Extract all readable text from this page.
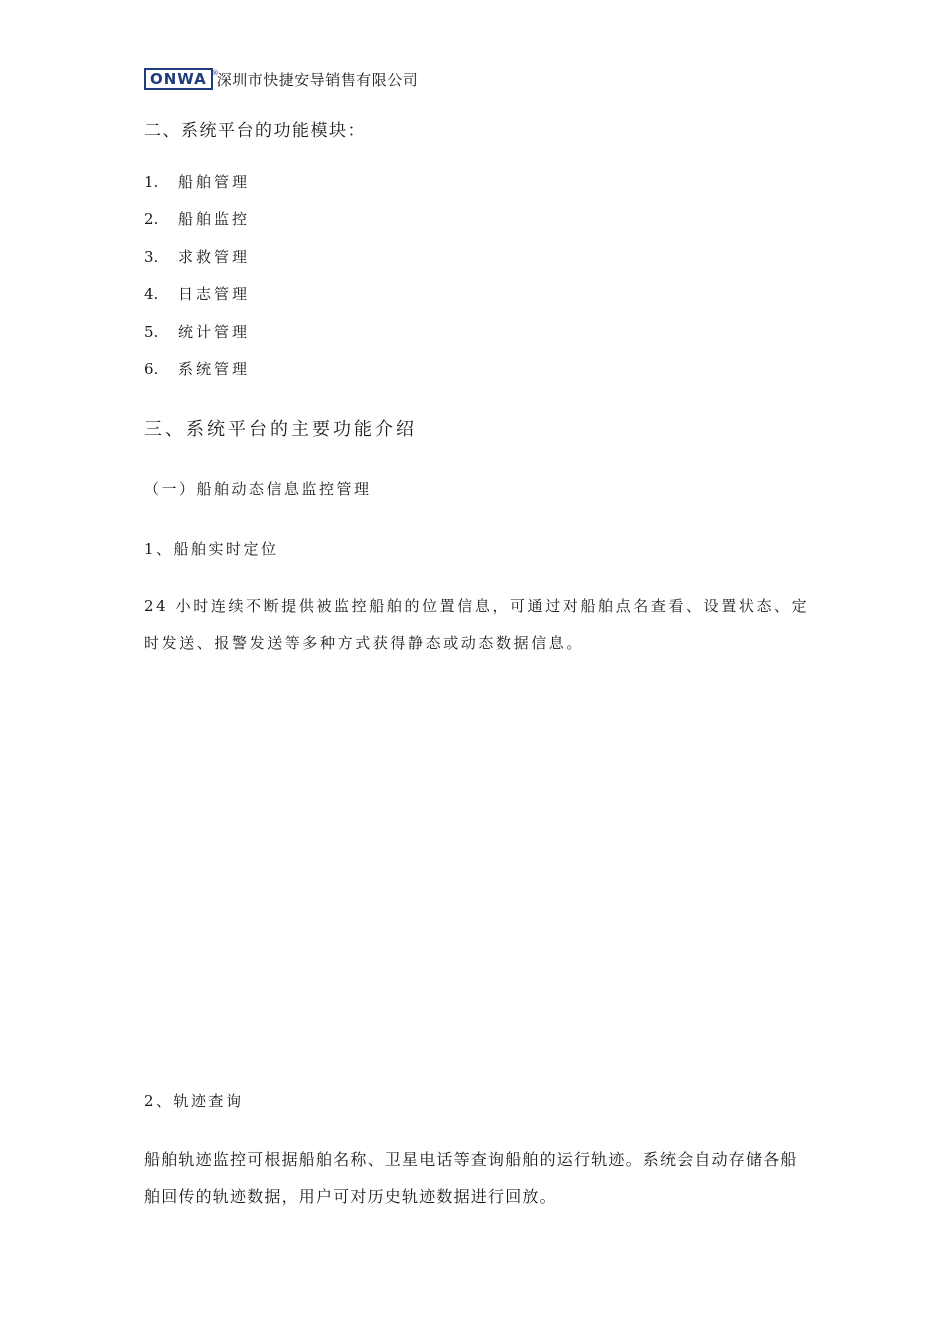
ONWA ®
深圳市快捷安导销售有限公司
二、系统平台的功能模块：
1. 船舶管理
2. 船舶监控
3. 求救管理
4. 日志管理
5. 统计管理
6. 系统管理
三、系统平台的主要功能介绍
（一）船舶动态信息监控管理
1、船舶实时定位
24 小时连续不断提供被监控船舶的位置信息，可通过对船舶点名查看、设置状态、定时发送、报警发送等多种方式获得静态或动态数据信息。
2、轨迹查询
船舶轨迹监控可根据船舶名称、卫星电话等查询船舶的运行轨迹。系统会自动存储各船舶回传的轨迹数据，用户可对历史轨迹数据进行回放。
